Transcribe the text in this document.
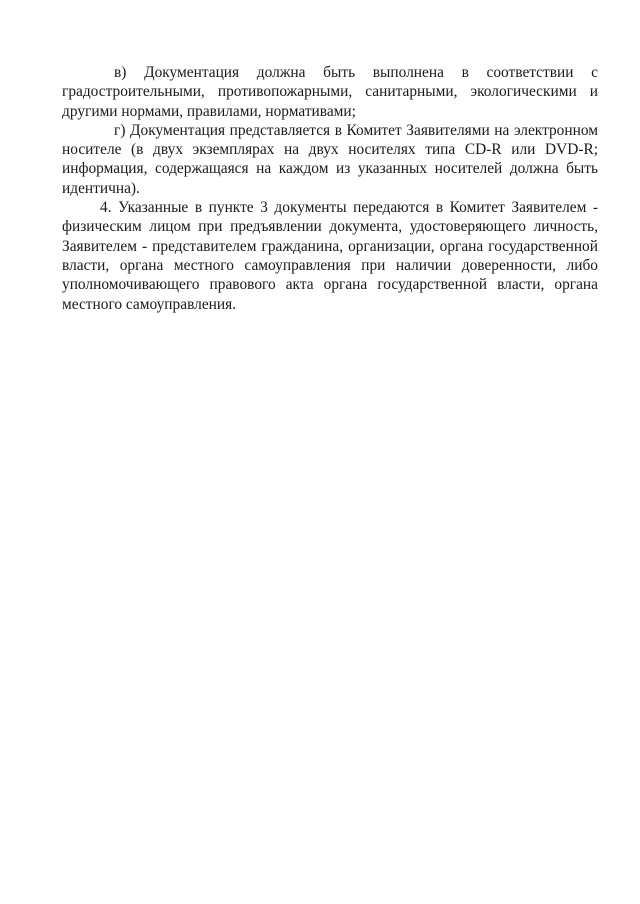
в) Документация должна быть выполнена в соответствии с градостроительными, противопожарными, санитарными, экологическими и другими нормами, правилами, нормативами;

г) Документация представляется в Комитет Заявителями на электронном носителе (в двух экземплярах на двух носителях типа CD-R или DVD-R; информация, содержащаяся на каждом из указанных носителей должна быть идентична).

4. Указанные в пункте 3 документы передаются в Комитет Заявителем - физическим лицом при предъявлении документа, удостоверяющего личность, Заявителем - представителем гражданина, организации, органа государственной власти, органа местного самоуправления при наличии доверенности, либо уполномочивающего правового акта органа государственной власти, органа местного самоуправления.
